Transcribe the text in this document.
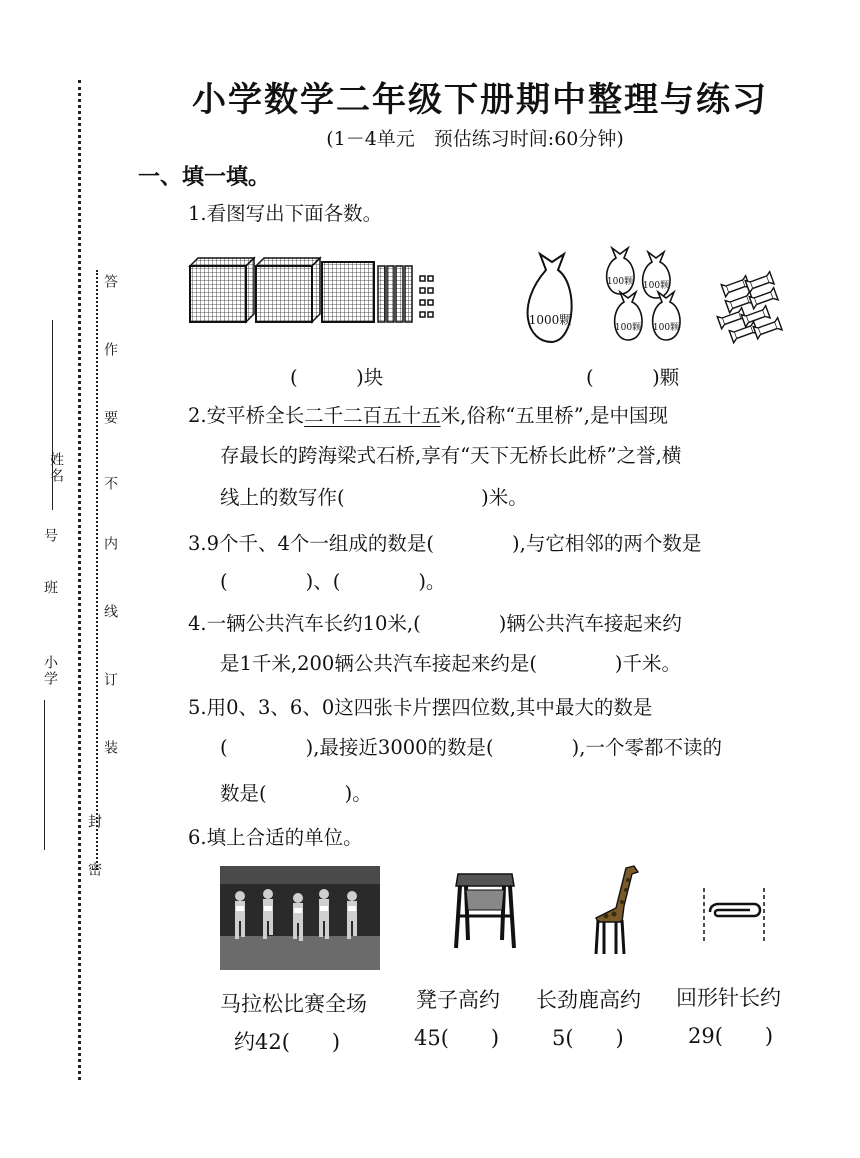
小学
班
号
姓名
密
封
装
订
线
内
不
要
作
答
小学数学二年级下册期中整理与练习
(1－4单元　预估练习时间:60分钟)
一、填一填。
1.看图写出下面各数。
1000颗
100颗 100颗
100颗 100颗
(　　　)块	(　　　)颗
2.安平桥全长二千二百五十五米,俗称“五里桥”,是中国现
存最长的跨海梁式石桥,享有“天下无桥长此桥”之誉,横
线上的数写作(　　　　　　　)米。
3.9个千、4个一组成的数是(　　　　),与它相邻的两个数是
(　　　　)、(　　　　)。
4.一辆公共汽车长约10米,(　　　　)辆公共汽车接起来约
是1千米,200辆公共汽车接起来约是(　　　　)千米。
5.用0、3、6、0这四张卡片摆四位数,其中最大的数是
(　　　　),最接近3000的数是(　　　　),一个零都不读的
数是(　　　　)。
6.填上合适的单位。
马拉松比赛全场
约42(　　)
凳子高约
45(　　)
长劲鹿高约
5(　　)
回形针长约
29(　　)
